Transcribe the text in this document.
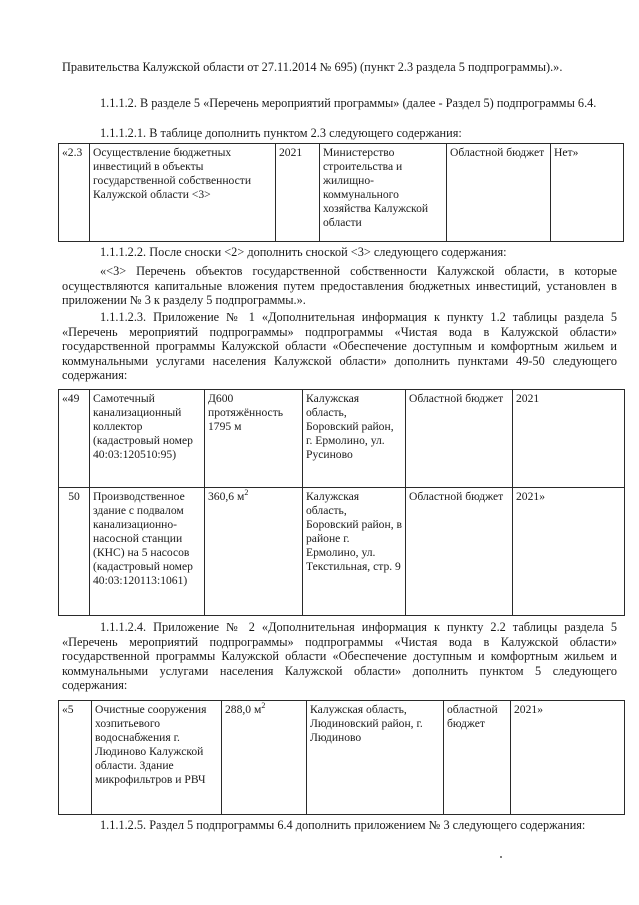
Правительства Калужской области от 27.11.2014 № 695) (пункт 2.3 раздела 5 подпрограммы).».
1.1.1.2. В разделе 5 «Перечень мероприятий программы» (далее - Раздел 5) подпрограммы 6.4.
1.1.1.2.1. В таблице дополнить пунктом 2.3 следующего содержания:
«2.3	Осуществление бюджетных инвестиций в объекты государственной собственности Калужской области <3>	2021	Министерство строительства и жилищно-коммунального хозяйства Калужской области	Областной бюджет	Нет»
1.1.1.2.2. После сноски <2> дополнить сноской <3> следующего содержания:
«<3> Перечень объектов государственной собственности Калужской области, в которые осуществляются капитальные вложения путем предоставления бюджетных инвестиций, установлен в приложении № 3 к разделу 5 подпрограммы.».
1.1.1.2.3. Приложение № 1 «Дополнительная информация к пункту 1.2 таблицы раздела 5 «Перечень мероприятий подпрограммы» подпрограммы «Чистая вода в Калужской области» государственной программы Калужской области «Обеспечение доступным и комфортным жильем и коммунальными услугами населения Калужской области» дополнить пунктами 49-50 следующего содержания:
«49	Самотечный канализационный коллектор (кадастровый номер 40:03:120510:95)	Д600 протяжённость 1795 м	Калужская область, Боровский район, г. Ермолино, ул. Русиново	Областной бюджет	2021
50	Производственное здание с подвалом канализационно-насосной станции (КНС) на 5 насосов (кадастровый номер 40:03:120113:1061)	360,6 $м^2$	Калужская область, Боровский район, в районе г. Ермолино, ул. Текстильная, стр. 9	Областной бюджет	2021»
1.1.1.2.4. Приложение № 2 «Дополнительная информация к пункту 2.2 таблицы раздела 5 «Перечень мероприятий подпрограммы» подпрограммы «Чистая вода в Калужской области» государственной программы Калужской области «Обеспечение доступным и комфортным жильем и коммунальными услугами населения Калужской области» дополнить пунктом 5 следующего содержания:
«5	Очистные сооружения хозпитьевого водоснабжения г. Людиново Калужской области. Здание микрофильтров и РВЧ	288,0 $м^2$	Калужская область, Людиновский район, г. Людиново	областной бюджет	2021»
1.1.1.2.5. Раздел 5 подпрограммы 6.4 дополнить приложением № 3 следующего содержания:
